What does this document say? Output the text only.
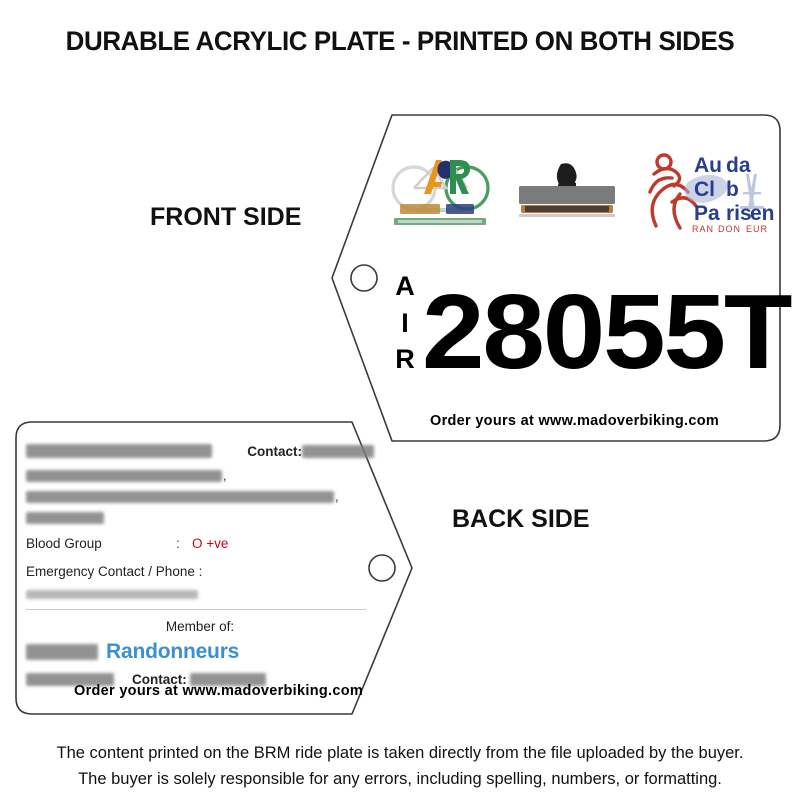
DURABLE ACRYLIC PLATE - PRINTED ON BOTH SIDES
FRONT SIDE
BACK SIDE
Au da
Cl b
Pa ris
en
RAN DON EUR
A
I
R 28055T
Order yours at www.madoverbiking.com
Contact:
,
,
Blood Group	: O +ve
Emergency Contact / Phone :
Member of:
Randonneurs
Contact:
Order yours at www.madoverbiking.com
The content printed on the BRM ride plate is taken directly from the file uploaded by the buyer.
The buyer is solely responsible for any errors, including spelling, numbers, or formatting.
